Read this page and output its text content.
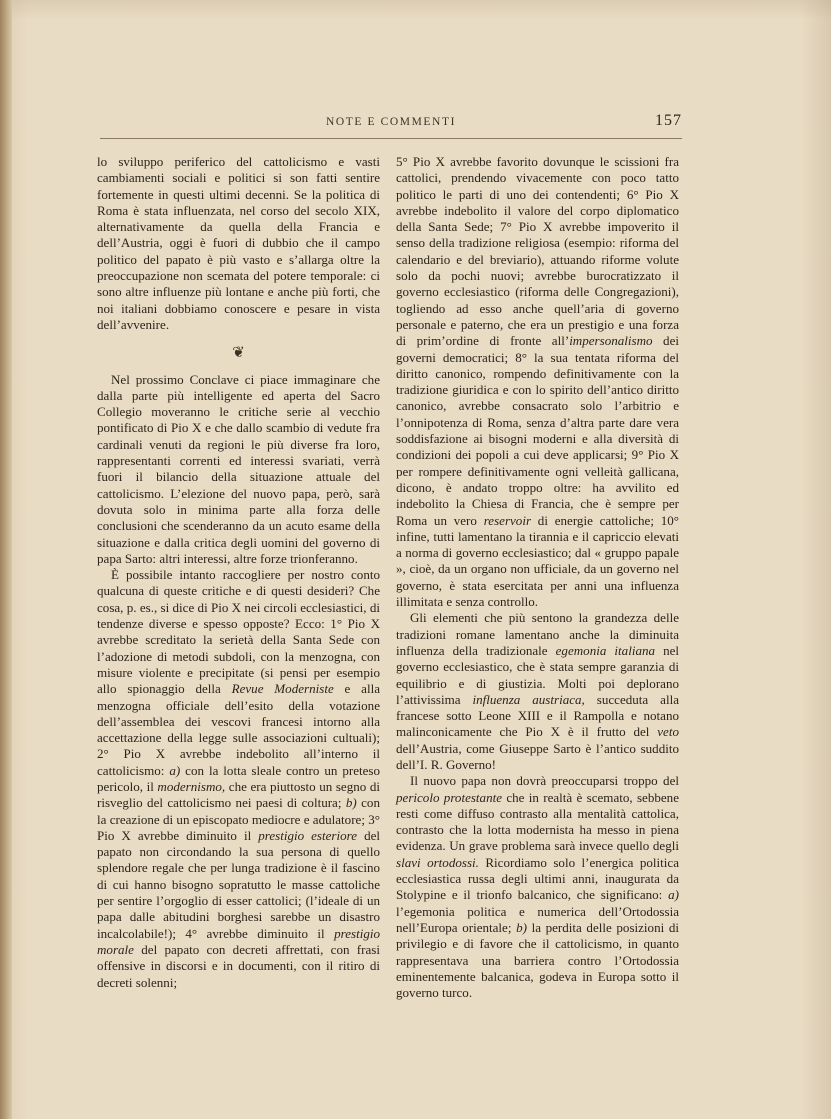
NOTE E COMMENTI	157

lo sviluppo periferico del cattolicismo e vasti cambiamenti sociali e politici si son fatti sentire fortemente in questi ultimi decenni. Se la politica di Roma è stata influenzata, nel corso del secolo XIX, alternativamente da quella della Francia e dell’Austria, oggi è fuori di dubbio che il campo politico del papato è più vasto e s’allarga oltre la preoccupazione non scemata del potere temporale: ci sono altre influenze più lontane e anche più forti, che noi italiani dobbiamo conoscere e pesare in vista dell’avvenire.

❦

Nel prossimo Conclave ci piace immaginare che dalla parte più intelligente ed aperta del Sacro Collegio moveranno le critiche serie al vecchio pontificato di Pio X e che dallo scambio di vedute fra cardinali venuti da regioni le più diverse fra loro, rappresentanti correnti ed interessi svariati, verrà fuori il bilancio della situazione attuale del cattolicismo. L’elezione del nuovo papa, però, sarà dovuta solo in minima parte alla forza delle conclusioni che scenderanno da un acuto esame della situazione e dalla critica degli uomini del governo di papa Sarto: altri interessi, altre forze trionferanno.

È possibile intanto raccogliere per nostro conto qualcuna di queste critiche e di questi desideri? Che cosa, p. es., si dice di Pio X nei circoli ecclesiastici, di tendenze diverse e spesso opposte? Ecco: 1° Pio X avrebbe screditato la serietà della Santa Sede con l’adozione di metodi subdoli, con la menzogna, con misure violente e precipitate (si pensi per esempio allo spionaggio della Revue Moderniste e alla menzogna officiale dell’esito della votazione dell’assemblea dei vescovi francesi intorno alla accettazione della legge sulle associazioni cultuali); 2° Pio X avrebbe indebolito all’interno il cattolicismo: a) con la lotta sleale contro un preteso pericolo, il modernismo, che era piuttosto un segno di risveglio del cattolicismo nei paesi di coltura; b) con la creazione di un episcopato mediocre e adulatore; 3° Pio X avrebbe diminuito il prestigio esteriore del papato non circondando la sua persona di quello splendore regale che per lunga tradizione è il fascino di cui hanno bisogno sopratutto le masse cattoliche per sentire l’orgoglio di esser cattolici; (l’ideale di un papa dalle abitudini borghesi sarebbe un disastro incalcolabile!); 4° avrebbe diminuito il prestigio morale del papato con decreti affrettati, con frasi offensive in discorsi e in documenti, con il ritiro di decreti solenni;

5° Pio X avrebbe favorito dovunque le scissioni fra cattolici, prendendo vivacemente con poco tatto politico le parti di uno dei contendenti; 6° Pio X avrebbe indebolito il valore del corpo diplomatico della Santa Sede; 7° Pio X avrebbe impoverito il senso della tradizione religiosa (esempio: riforma del calendario e del breviario), attuando riforme volute solo da pochi nuovi; avrebbe burocratizzato il governo ecclesiastico (riforma delle Congregazioni), togliendo ad esso anche quell’aria di governo personale e paterno, che era un prestigio e una forza di prim’ordine di fronte all’impersonalismo dei governi democratici; 8° la sua tentata riforma del diritto canonico, rompendo definitivamente con la tradizione giuridica e con lo spirito dell’antico diritto canonico, avrebbe consacrato solo l’arbitrio e l’onnipotenza di Roma, senza d’altra parte dare vera soddisfazione ai bisogni moderni e alla diversità di condizioni dei popoli a cui deve applicarsi; 9° Pio X per rompere definitivamente ogni velleità gallicana, dicono, è andato troppo oltre: ha avvilito ed indebolito la Chiesa di Francia, che è sempre per Roma un vero reservoir di energie cattoliche; 10° infine, tutti lamentano la tirannia e il capriccio elevati a norma di governo ecclesiastico; dal « gruppo papale », cioè, da un organo non ufficiale, da un governo nel governo, è stata esercitata per anni una influenza illimitata e senza controllo.

Gli elementi che più sentono la grandezza delle tradizioni romane lamentano anche la diminuita influenza della tradizionale egemonia italiana nel governo ecclesiastico, che è stata sempre garanzia di equilibrio e di giustizia. Molti poi deplorano l’attivissima influenza austriaca, succeduta alla francese sotto Leone XIII e il Rampolla e notano malinconicamente che Pio X è il frutto del veto dell’Austria, come Giuseppe Sarto è l’antico suddito dell’I. R. Governo!

Il nuovo papa non dovrà preoccuparsi troppo del pericolo protestante che in realtà è scemato, sebbene resti come diffuso contrasto alla mentalità cattolica, contrasto che la lotta modernista ha messo in piena evidenza. Un grave problema sarà invece quello degli slavi ortodossi. Ricordiamo solo l’energica politica ecclesiastica russa degli ultimi anni, inaugurata da Stolypine e il trionfo balcanico, che significano: a) l’egemonia politica e numerica dell’Ortodossia nell’Europa orientale; b) la perdita delle posizioni di privilegio e di favore che il cattolicismo, in quanto rappresentava una barriera contro l’Ortodossia eminentemente balcanica, godeva in Europa sotto il governo turco.
